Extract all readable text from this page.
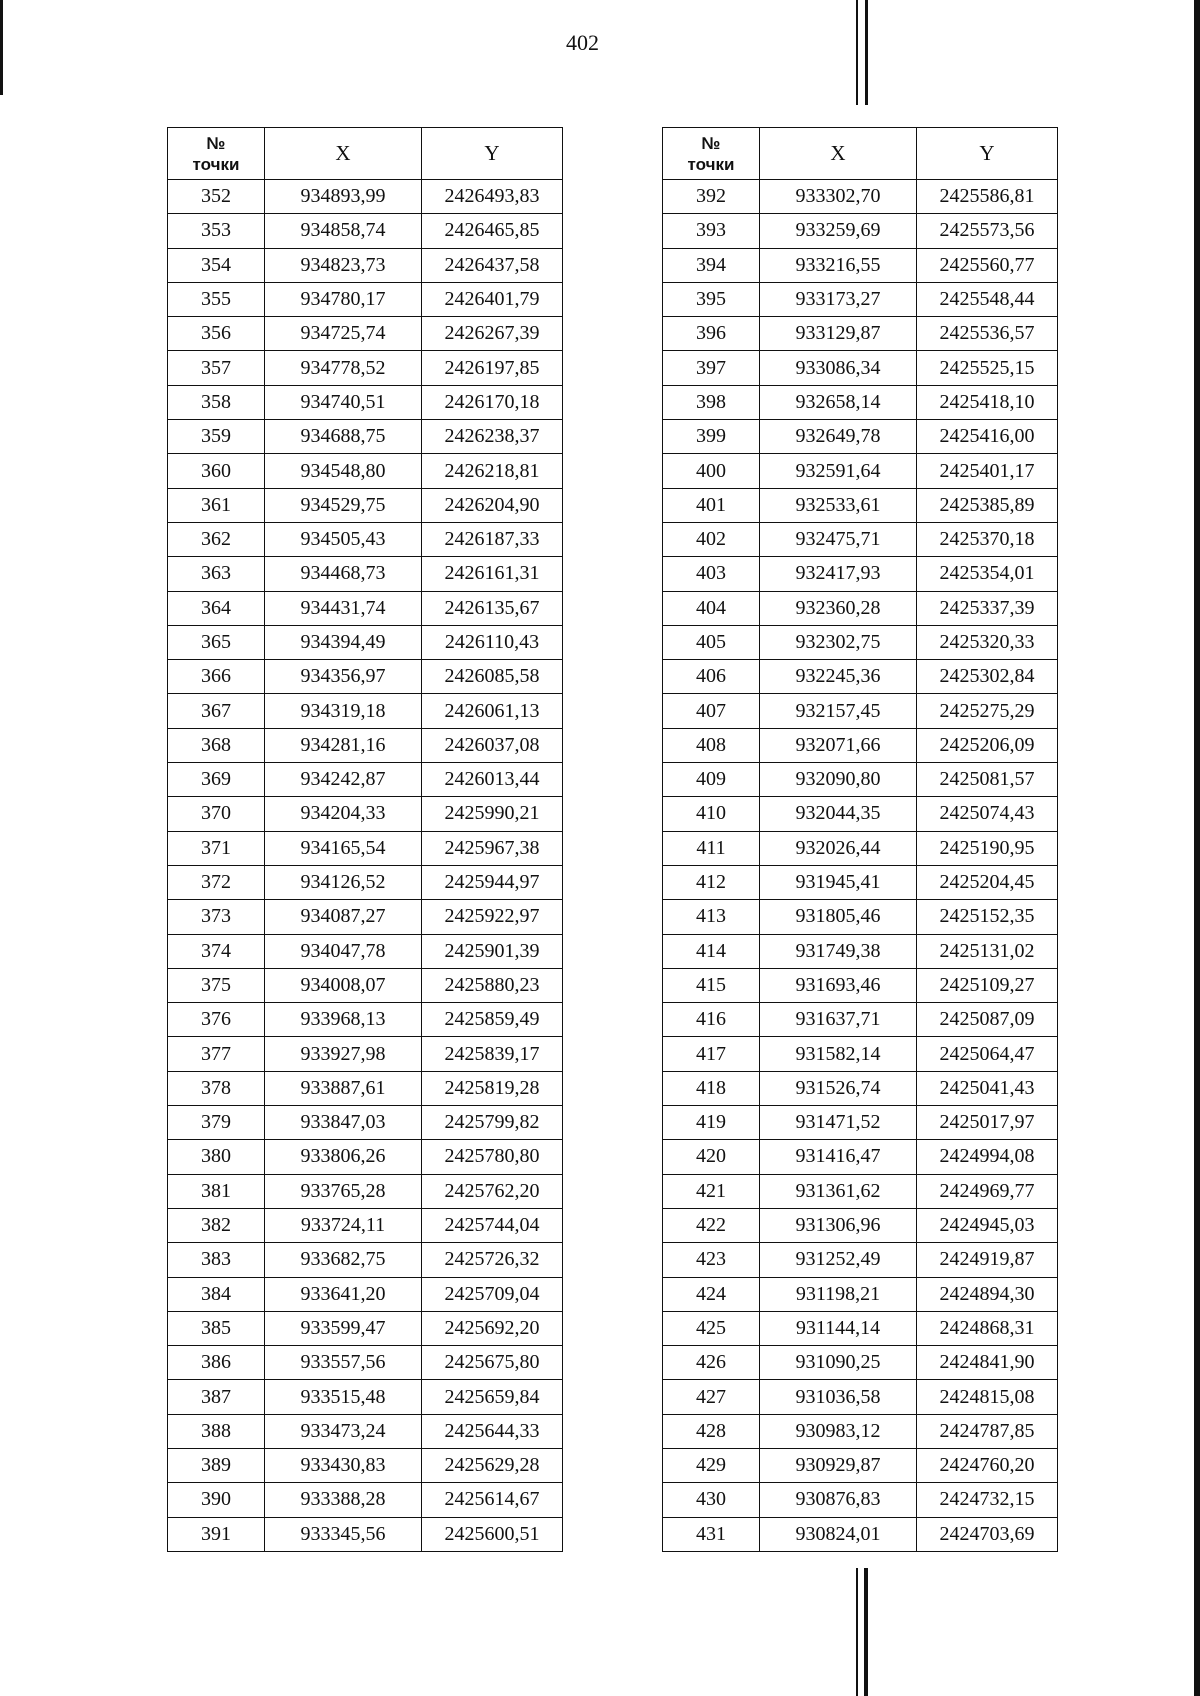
402
№
точки	X	Y
352	934893,99	2426493,83
353	934858,74	2426465,85
354	934823,73	2426437,58
355	934780,17	2426401,79
356	934725,74	2426267,39
357	934778,52	2426197,85
358	934740,51	2426170,18
359	934688,75	2426238,37
360	934548,80	2426218,81
361	934529,75	2426204,90
362	934505,43	2426187,33
363	934468,73	2426161,31
364	934431,74	2426135,67
365	934394,49	2426110,43
366	934356,97	2426085,58
367	934319,18	2426061,13
368	934281,16	2426037,08
369	934242,87	2426013,44
370	934204,33	2425990,21
371	934165,54	2425967,38
372	934126,52	2425944,97
373	934087,27	2425922,97
374	934047,78	2425901,39
375	934008,07	2425880,23
376	933968,13	2425859,49
377	933927,98	2425839,17
378	933887,61	2425819,28
379	933847,03	2425799,82
380	933806,26	2425780,80
381	933765,28	2425762,20
382	933724,11	2425744,04
383	933682,75	2425726,32
384	933641,20	2425709,04
385	933599,47	2425692,20
386	933557,56	2425675,80
387	933515,48	2425659,84
388	933473,24	2425644,33
389	933430,83	2425629,28
390	933388,28	2425614,67
391	933345,56	2425600,51
№
точки	X	Y
392	933302,70	2425586,81
393	933259,69	2425573,56
394	933216,55	2425560,77
395	933173,27	2425548,44
396	933129,87	2425536,57
397	933086,34	2425525,15
398	932658,14	2425418,10
399	932649,78	2425416,00
400	932591,64	2425401,17
401	932533,61	2425385,89
402	932475,71	2425370,18
403	932417,93	2425354,01
404	932360,28	2425337,39
405	932302,75	2425320,33
406	932245,36	2425302,84
407	932157,45	2425275,29
408	932071,66	2425206,09
409	932090,80	2425081,57
410	932044,35	2425074,43
411	932026,44	2425190,95
412	931945,41	2425204,45
413	931805,46	2425152,35
414	931749,38	2425131,02
415	931693,46	2425109,27
416	931637,71	2425087,09
417	931582,14	2425064,47
418	931526,74	2425041,43
419	931471,52	2425017,97
420	931416,47	2424994,08
421	931361,62	2424969,77
422	931306,96	2424945,03
423	931252,49	2424919,87
424	931198,21	2424894,30
425	931144,14	2424868,31
426	931090,25	2424841,90
427	931036,58	2424815,08
428	930983,12	2424787,85
429	930929,87	2424760,20
430	930876,83	2424732,15
431	930824,01	2424703,69
